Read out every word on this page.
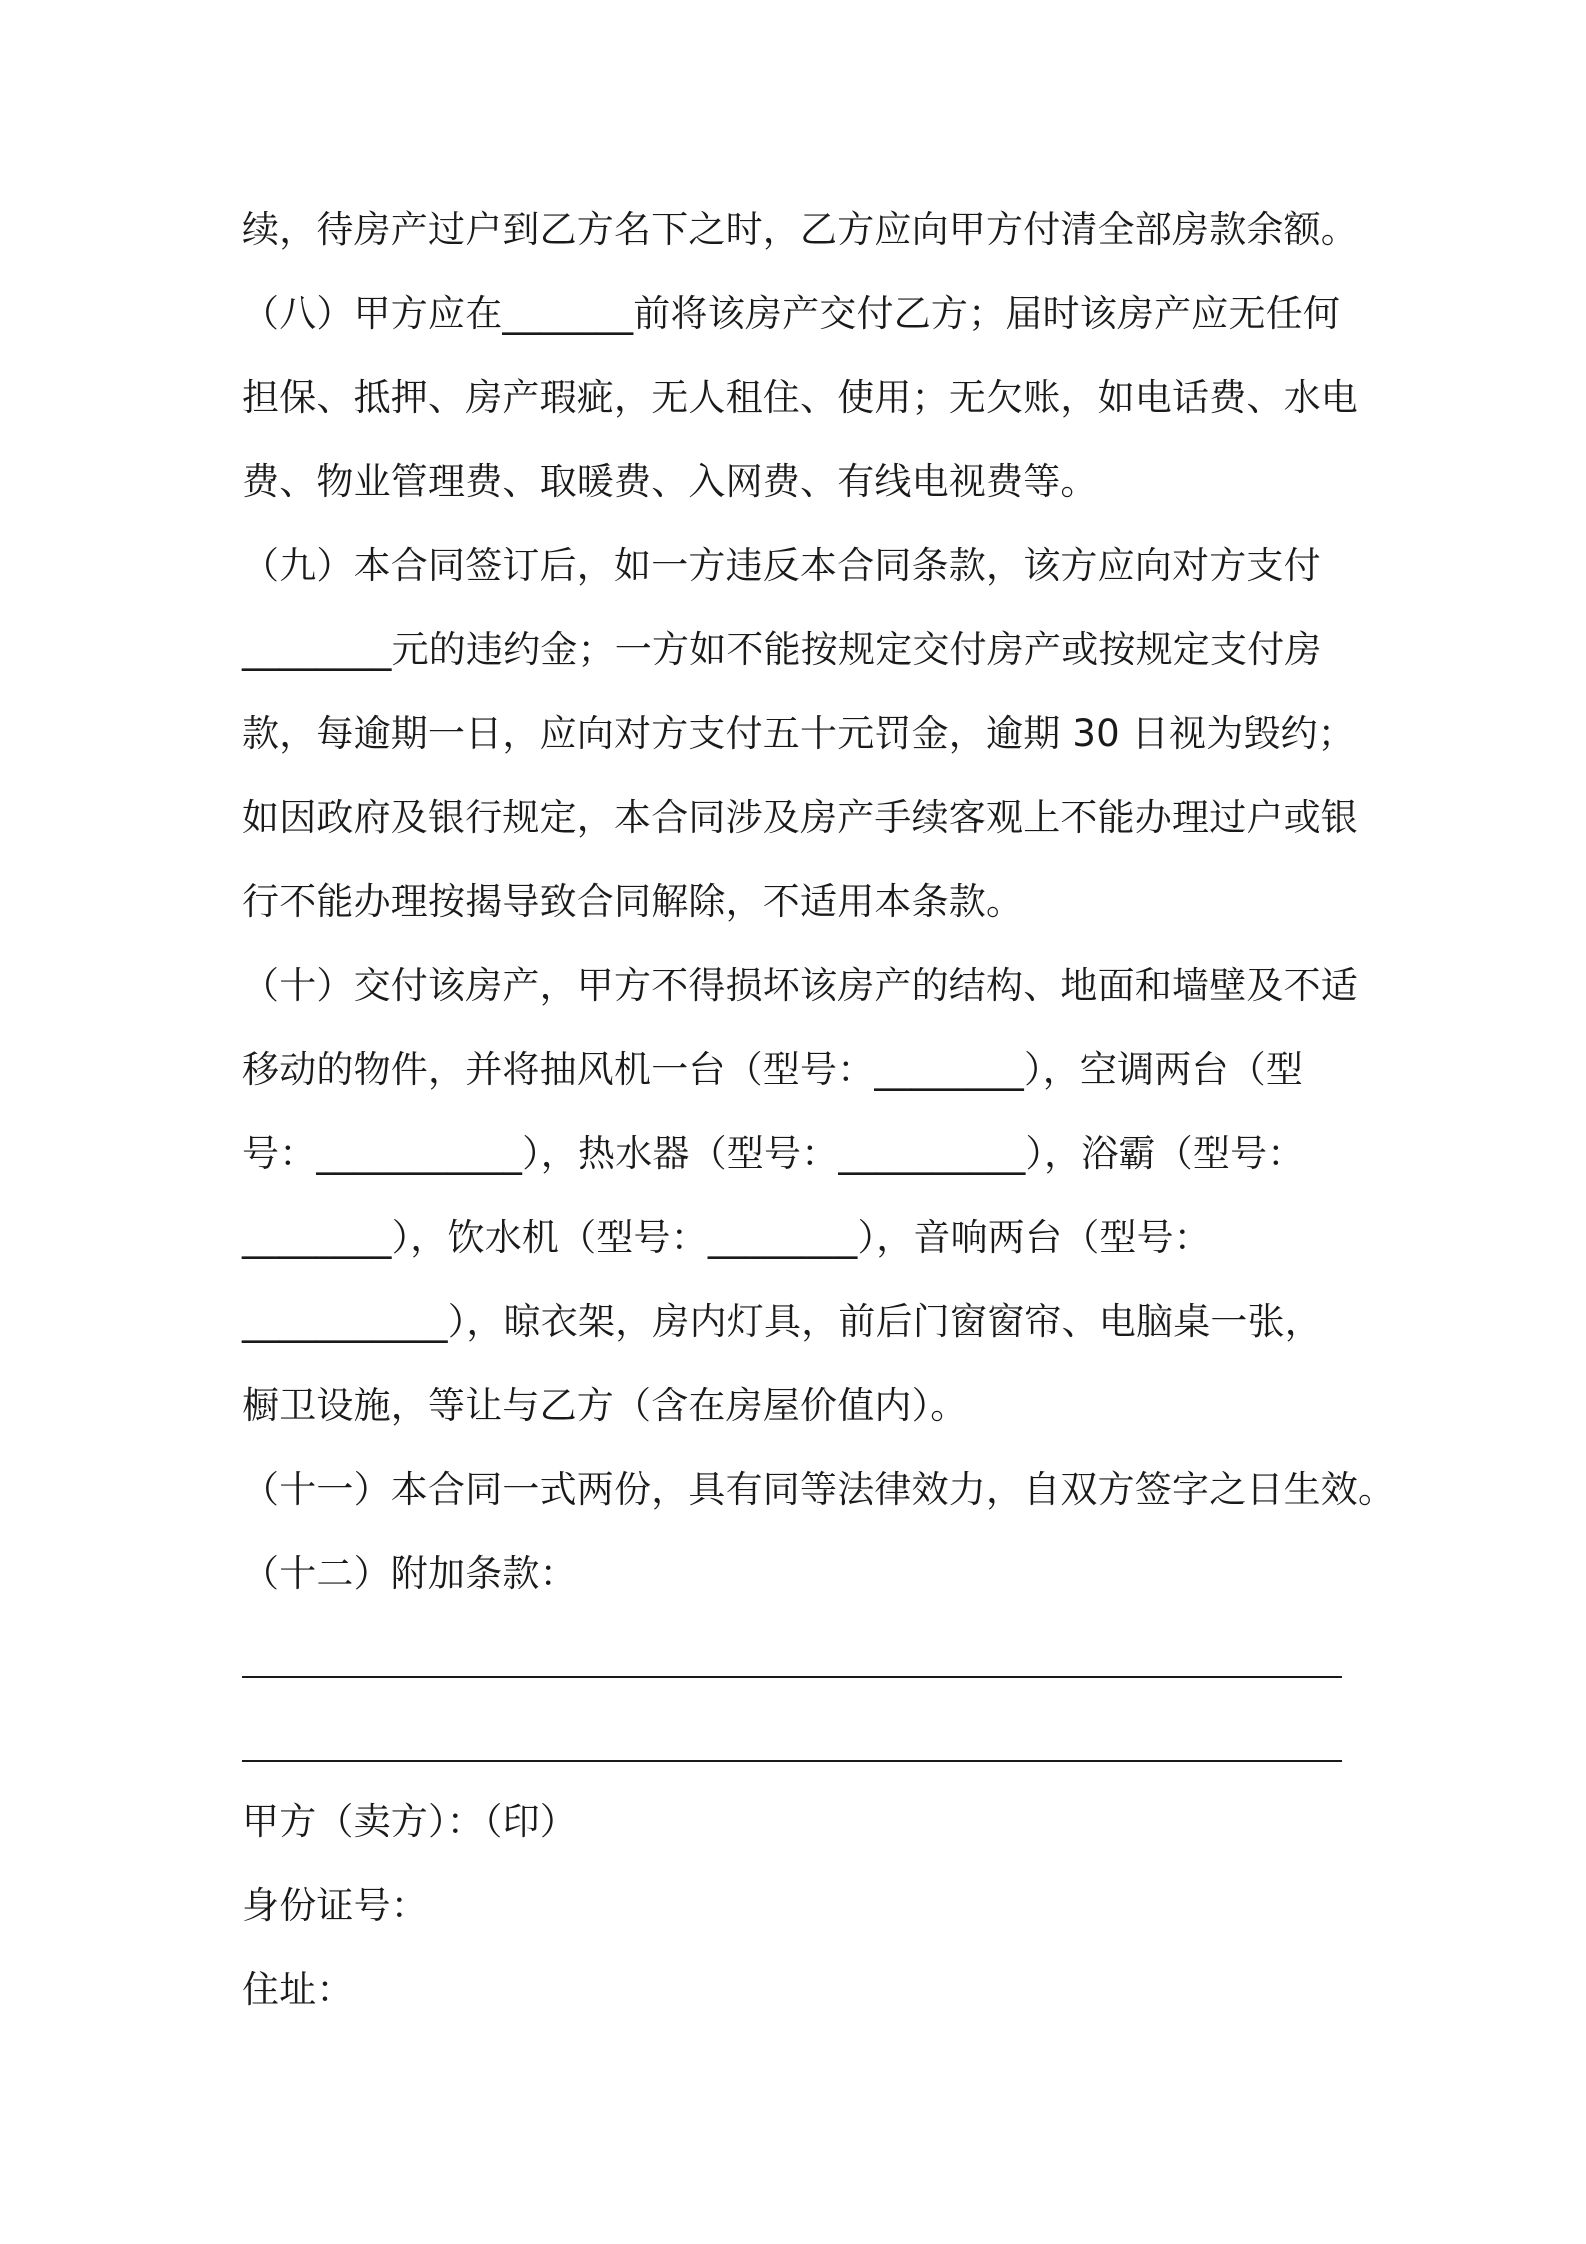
续，待房产过户到乙方名下之时，乙方应向甲方付清全部房款余额。
（八）甲方应在_______前将该房产交付乙方；届时该房产应无任何
担保、抵押、房产瑕疵，无人租住、使用；无欠账，如电话费、水电
费、物业管理费、取暖费、入网费、有线电视费等。
（九）本合同签订后，如一方违反本合同条款，该方应向对方支付
________元的违约金；一方如不能按规定交付房产或按规定支付房
款，每逾期一日，应向对方支付五十元罚金，逾期 30 日视为毁约；
如因政府及银行规定，本合同涉及房产手续客观上不能办理过户或银
行不能办理按揭导致合同解除，不适用本条款。
（十）交付该房产，甲方不得损坏该房产的结构、地面和墙壁及不适
移动的物件，并将抽风机一台（型号：________），空调两台（型
号：___________），热水器（型号：__________），浴霸（型号：
________），饮水机（型号：________），音响两台（型号：
___________），晾衣架，房内灯具，前后门窗窗帘、电脑桌一张，
橱卫设施，等让与乙方（含在房屋价值内）。
（十一）本合同一式两份，具有同等法律效力，自双方签字之日生效。
（十二）附加条款：
甲方（卖方）：（印）
身份证号：
住址：
